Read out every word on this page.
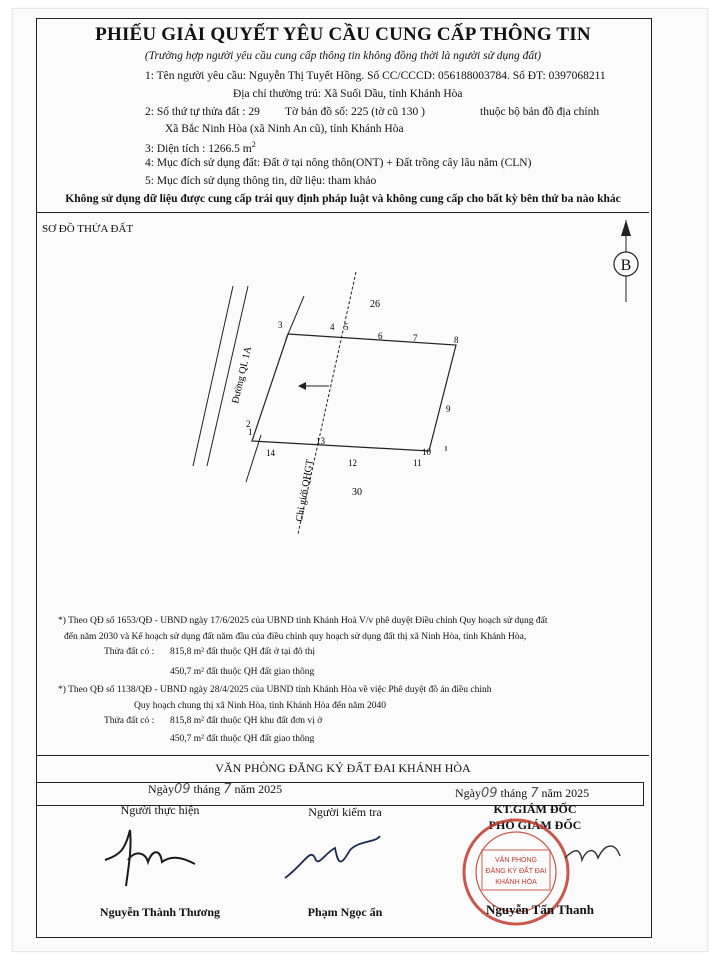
PHIẾU GIẢI QUYẾT YÊU CẦU CUNG CẤP THÔNG TIN
(Trường hợp người yêu cầu cung cấp thông tin không đồng thời là người sử dụng đất)
1: Tên người yêu cầu: Nguyễn Thị Tuyết Hồng. Số CC/CCCD: 056188003784. Số ĐT: 0397068211
Địa chỉ thường trú: Xã Suối Dầu, tỉnh Khánh Hòa
2: Số thứ tự thửa đất : 29 Tờ bản đồ số: 225 (tờ cũ 130 )	thuộc bộ bản đồ địa chính
Xã Bắc Ninh Hòa (xã Ninh An cũ), tỉnh Khánh Hòa
3: Diện tích : 1266.5 $m^2$
4: Mục đích sử dụng đất: Đất ở tại nông thôn(ONT) + Đất trồng cây lâu năm (CLN)
5: Mục đích sử dụng thông tin, dữ liệu: tham khảo
Không sử dụng dữ liệu được cung cấp trái quy định pháp luật và không cung cấp cho bất kỳ bên thứ ba nào khác
SƠ ĐỒ THỬA ĐẤT
B
Đường QL 1A
Chỉ giới QHGT
26
30
1
2
3	4 5
6	7	8
9
10
11
12
13
14
*) Theo QĐ số 1653/QĐ - UBND ngày 17/6/2025 của UBND tỉnh Khánh Hoà V/v phê duyệt Điều chỉnh Quy hoạch sử dụng đất
đến năm 2030 và Kế hoạch sử dụng đất năm đầu của điều chỉnh quy hoạch sử dụng đất thị xã Ninh Hòa, tỉnh Khánh Hòa,
Thửa đất có : 815,8 m² đất thuộc QH đất ở tại đô thị
450,7 m² đất thuộc QH đất giao thông
*) Theo QĐ số 1138/QĐ - UBND ngày 28/4/2025 của UBND tỉnh Khánh Hòa về việc Phê duyệt đồ án điều chỉnh
Quy hoạch chung thị xã Ninh Hòa, tỉnh Khánh Hòa đến năm 2040
Thửa đất có : 815,8 m² đất thuộc QH khu đất đơn vị ở
450,7 m² đất thuộc QH đất giao thông
VĂN PHÒNG ĐĂNG KÝ ĐẤT ĐAI KHÁNH HÒA
Ngày09 tháng 7 năm 2025	Ngày09 tháng 7 năm 2025
Người thực hiện	Người kiểm tra	KT.GIÁM ĐỐC
PHÓ GIÁM ĐỐC
VĂN PHÒNG
ĐĂNG KÝ ĐẤT ĐAI
KHÁNH HÒA
Nguyễn Thành Thương	Phạm Ngọc ẩn	Nguyễn Tấn Thanh
